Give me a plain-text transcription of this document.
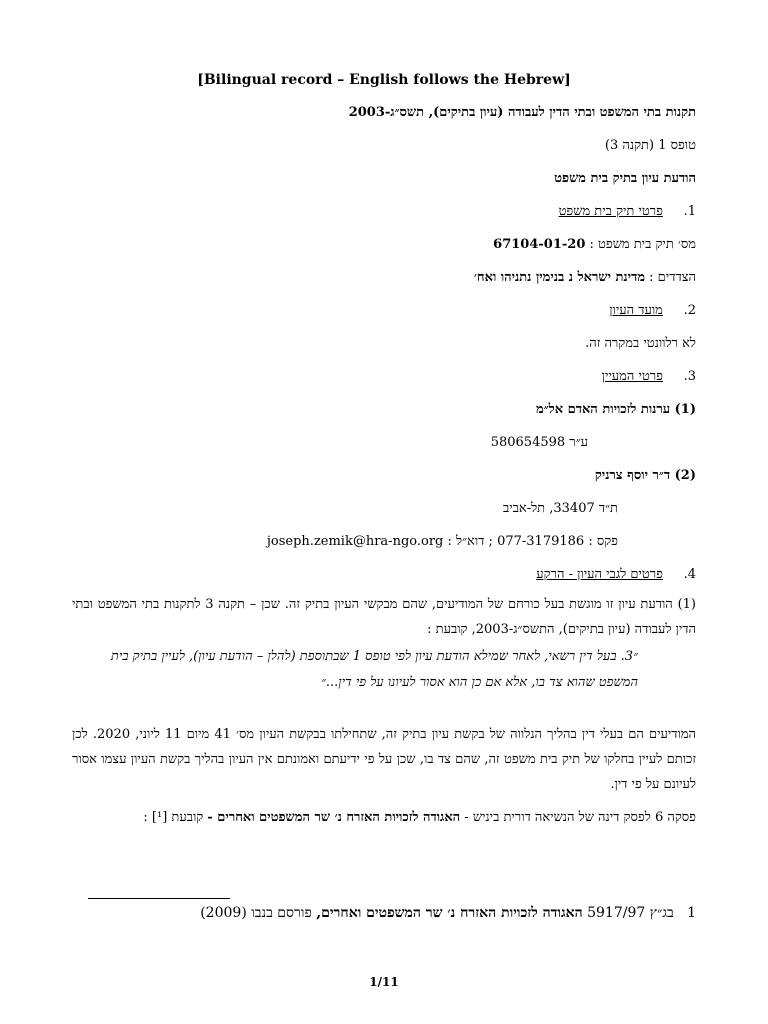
[Bilingual record – English follows the Hebrew]
תקנות בתי המשפט ובתי הדין לעבודה (עיון בתיקים), תשס״ג-2003
טופס 1 (תקנה 3)
הודעת עיון בתיק בית משפט
1.     פרטי תיק בית משפט
מס׳ תיק בית משפט : 67104-01-20
הצדדים : מדינת ישראל נ בנימין נתניהו ואח׳
2.     מועד העיון
לא רלוונטי במקרה זה.
3.     פרטי המעיין
(1) ערנות לזכויות האדם אל״מ
ע״ר 580654598
(2) ד״ר יוסף צרניק
ת״ד 33407, תל-אביב
פקס : 077-3179186 ; דוא״ל : joseph.zemik@hra-ngo.org
4.     פרטים לגבי העיון - הרקע
(1) הודעת עיון זו מוגשת בעל כורחם של המודיעים, שהם מבקשי העיון בתיק זה. שכן – תקנה 3 לתקנות בתי המשפט ובתי הדין לעבודה (עיון בתיקים), התשס״ג-2003, קובעת :
״3. בעל דין רשאי, לאחר שמילא הודעת עיון לפי טופס 1 שבתוספת (להלן – הודעת עיון), לעיין בתיק בית המשפט שהוא צד בו, אלא אם כן הוא אסור לעיונו על פי דין...״
המודיעים הם בעלי דין בהליך הנלווה של בקשת עיון בתיק זה, שתחילתו בבקשת העיון מס׳ 41 מיום 11 ליוני, 2020. לכן זכותם לעיין בחלקו של תיק בית משפט זה, שהם צד בו, שכן על פי ידיעתם ואמונתם אין העיון בהליך בקשת העיון עצמו אסור לעיונם על פי דין.
פסקה 6 לפסק דינה של הנשיאה דורית ביניש - האגודה לזכויות האזרח נ׳ שר המשפטים ואחרים - קובעת [¹] :
1   בג״ץ 5917/97 האגודה לזכויות האזרח נ׳ שר המשפטים ואחרים, פורסם בנבו (2009)
1/11
